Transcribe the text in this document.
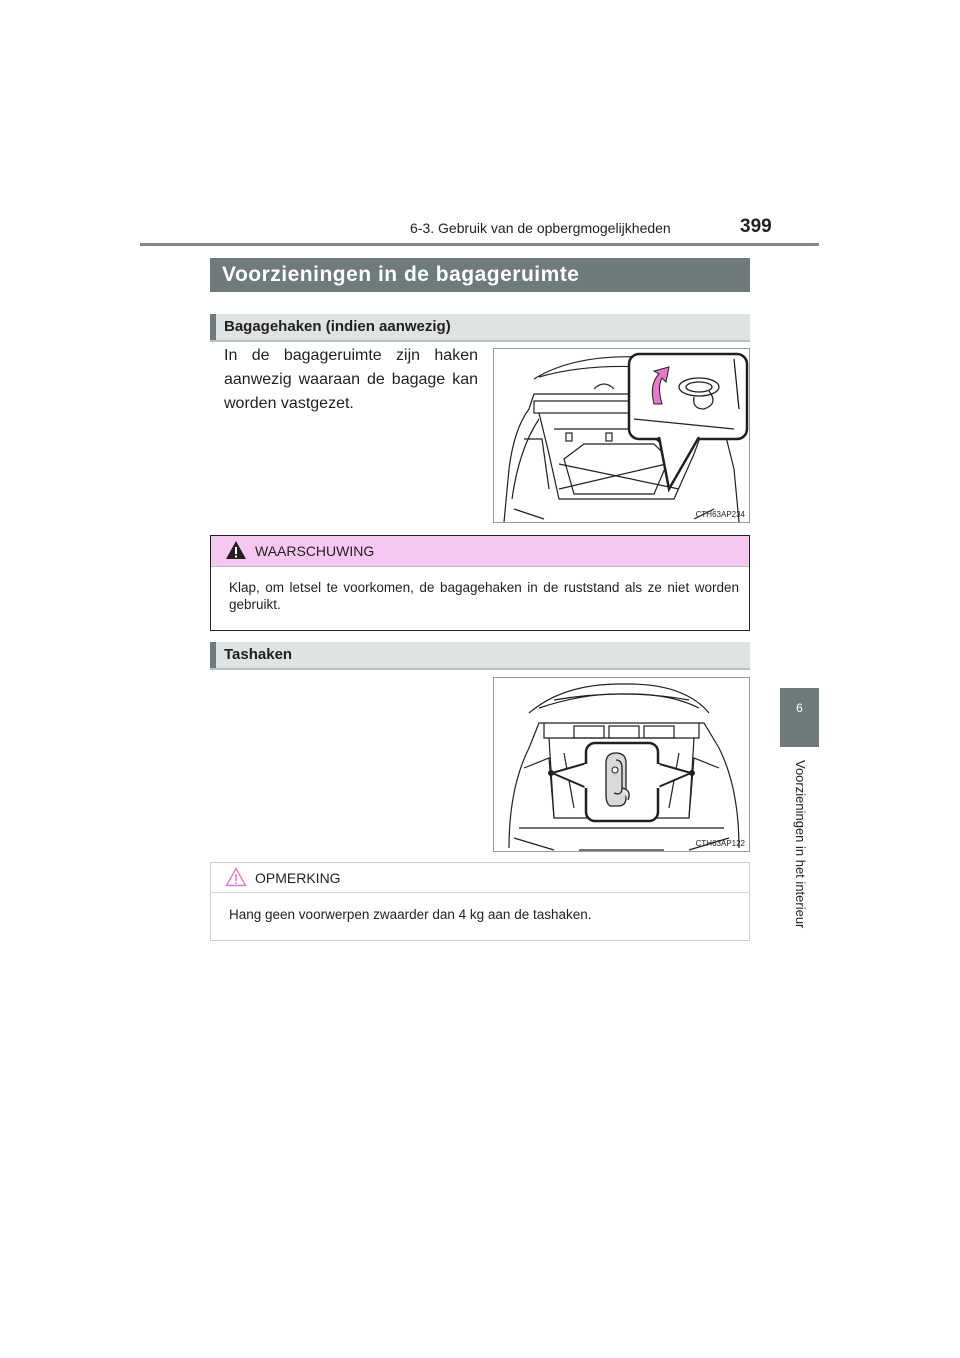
6-3. Gebruik van de opbergmogelijkheden	399
6
Voorzieningen in het interieur
Voorzieningen in de bagageruimte
Bagagehaken (indien aanwezig)
In de bagageruimte zijn haken aanwezig waaraan de bagage kan worden vastgezet.
CTH63AP234
WAARSCHUWING
Klap, om letsel te voorkomen, de bagagehaken in de ruststand als ze niet worden gebruikt.
Tashaken
CTH63AP122
OPMERKING
Hang geen voorwerpen zwaarder dan 4 kg aan de tashaken.
